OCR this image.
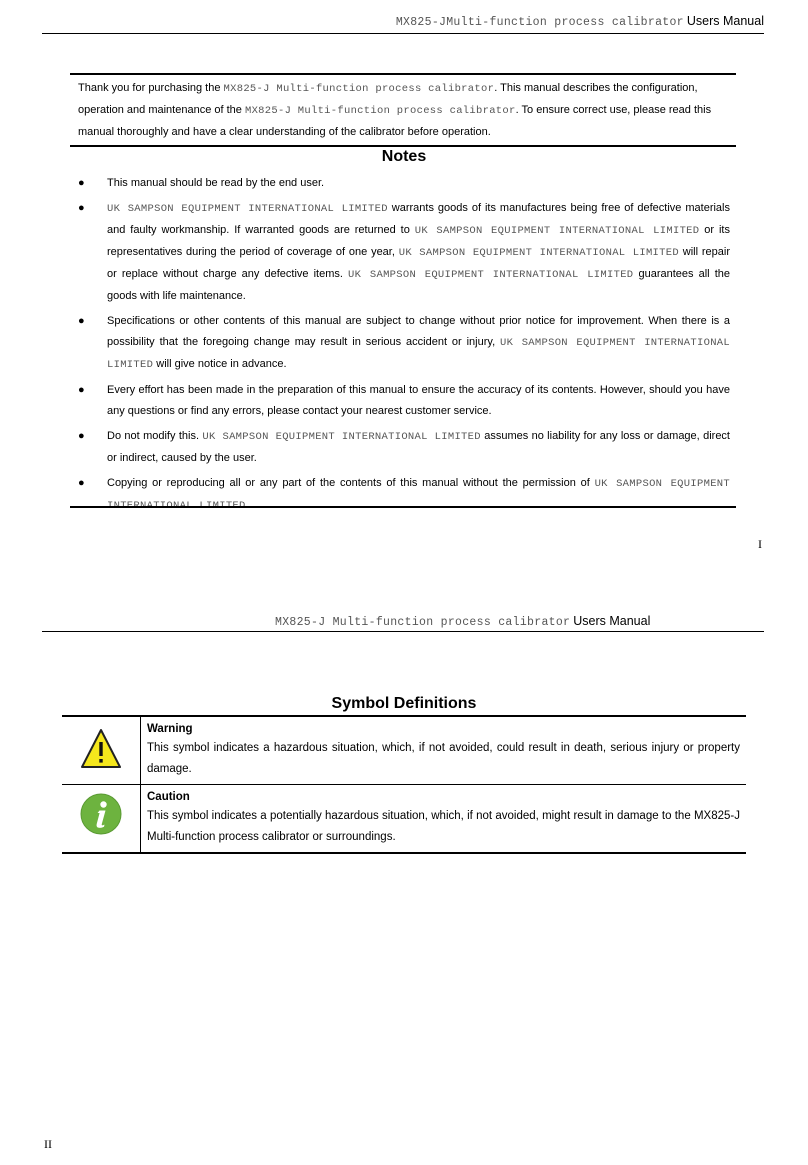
MX825-JMulti-function process calibrator Users Manual
Thank you for purchasing the MX825-J Multi-function process calibrator. This manual describes the configuration, operation and maintenance of the MX825-J Multi-function process calibrator. To ensure correct use, please read this manual thoroughly and have a clear understanding of the calibrator before operation.
Notes
● This manual should be read by the end user.
● UK SAMPSON EQUIPMENT INTERNATIONAL LIMITED warrants goods of its manufactures being free of defective materials and faulty workmanship. If warranted goods are returned to UK SAMPSON EQUIPMENT INTERNATIONAL LIMITED or its representatives during the period of coverage of one year, UK SAMPSON EQUIPMENT INTERNATIONAL LIMITED will repair or replace without charge any defective items. UK SAMPSON EQUIPMENT INTERNATIONAL LIMITED guarantees all the goods with life maintenance.
● Specifications or other contents of this manual are subject to change without prior notice for improvement. When there is a possibility that the foregoing change may result in serious accident or injury, UK SAMPSON EQUIPMENT INTERNATIONAL LIMITED will give notice in advance.
● Every effort has been made in the preparation of this manual to ensure the accuracy of its contents. However, should you have any questions or find any errors, please contact your nearest customer service.
● Do not modify this. UK SAMPSON EQUIPMENT INTERNATIONAL LIMITED assumes no liability for any loss or damage, direct or indirect, caused by the user.
● Copying or reproducing all or any part of the contents of this manual without the permission of UK SAMPSON EQUIPMENT
I
MX825-J Multi-function process calibrator Users Manual
Symbol Definitions

Warning
This symbol indicates a hazardous situation, which, if not avoided, could result in death, serious injury or property damage.

Caution
This symbol indicates a potentially hazardous situation, which, if not avoided, might result in damage to the MX825-J Multi-function process calibrator or surroundings.
II
